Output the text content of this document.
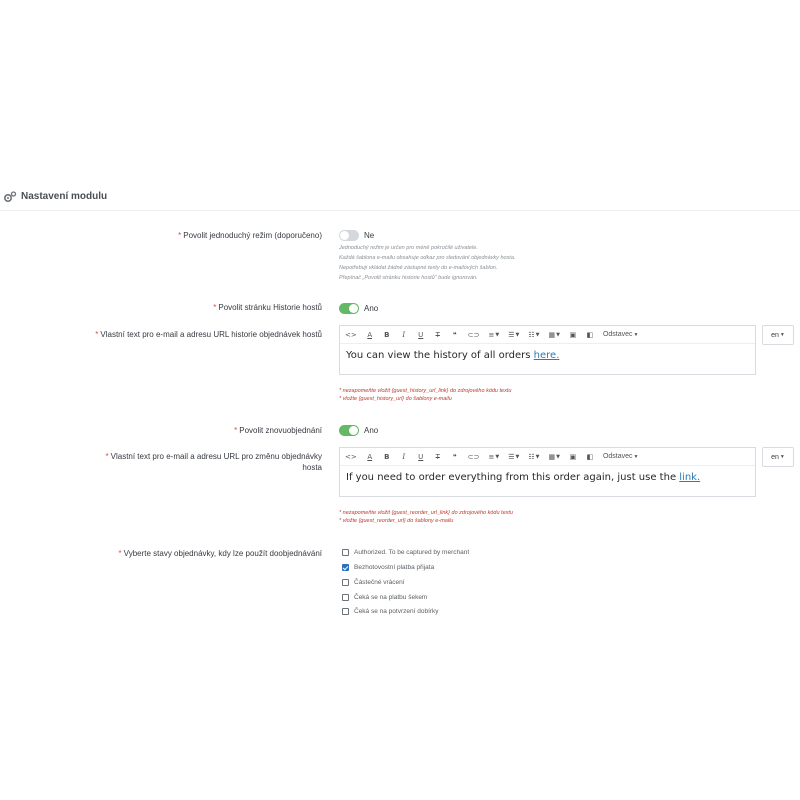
Nastavení modulu
* Povolit jednoduchý režim (doporučeno)	Ne
Jednoduchý režim je určen pro méně pokročilé uživatele.
Každá šablona e-mailu obsahuje odkaz pro sledování objednávky hosta.
Nepotřebuji vkládat žádné zástupné texty do e-mailových šablon.
Přepínač „Povolit stránku historie hostů" bude ignorován.
* Povolit stránku Historie hostů	Ano
* Vlastní text pro e-mail a adresu URL historie objednávek hostů	<> A B	I	U T	❝	⊂⊃ ≡ ▼ ☰ ▼ ☷ ▼ ▦ ▼ ▣ ◧ Odstavec ▼
You can view the history of all orders here.
en ▼
* nezapomeňte vložit {guest_history_url_link} do zdrojového kódu textu
* vložte {guest_history_url} do šablony e-mailu
* Povolit znovuobjednání	Ano
* Vlastní text pro e-mail a adresu URL pro změnu objednávky
hosta
<> A B	I	U T	❝	⊂⊃ ≡ ▼ ☰ ▼ ☷ ▼ ▦ ▼ ▣ ◧ Odstavec ▼
If you need to order everything from this order again, just use the link.
en ▼
* nezapomeňte vložit {guest_reorder_url_link} do zdrojového kódu textu
* vložte {guest_reorder_url} do šablony e-mailu
* Vyberte stavy objednávky, kdy lze použít doobjednávání	Authorized. To be captured by merchant
Bezhotovostní platba přijata
Částečné vrácení
Čeká se na platbu šekem
Čeká se na potvrzení dobírky
